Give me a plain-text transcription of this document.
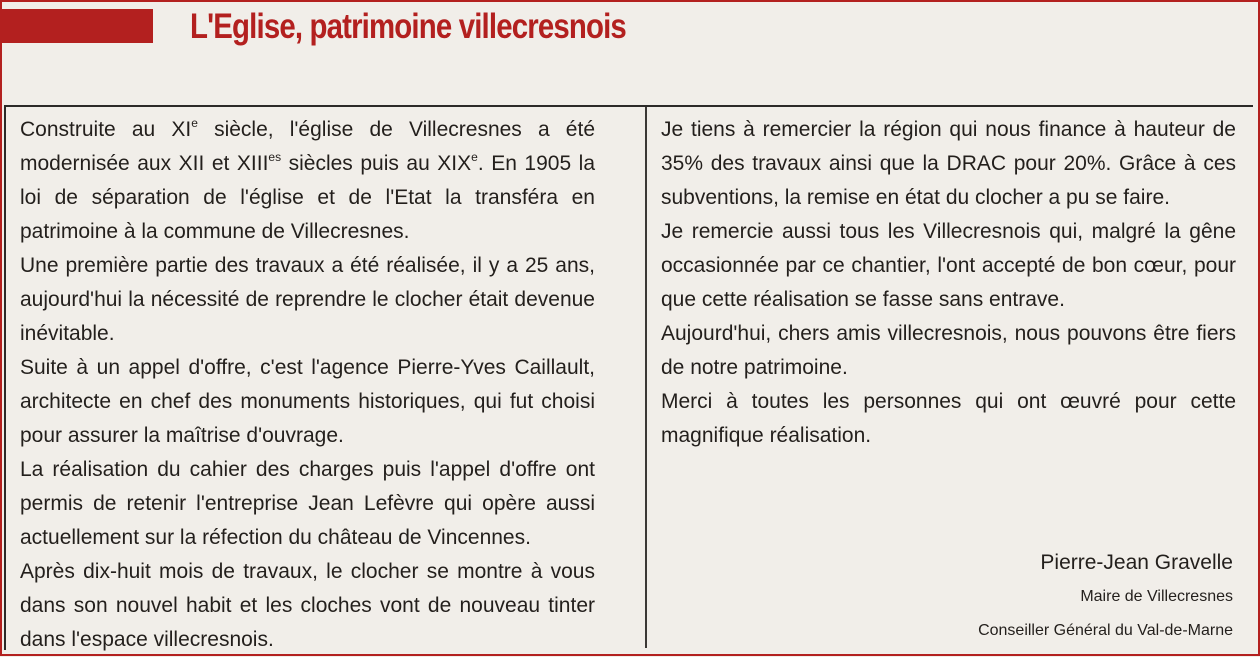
L'Eglise, patrimoine villecresnois

Construite au XIe siècle, l'église de Villecresnes a été modernisée aux XII et $XIII^{es}$ siècles puis au XIXe. En 1905 la loi de séparation de l'église et de l'Etat la transféra en patrimoine à la commune de Villecresnes.

Une première partie des travaux a été réalisée, il y a 25 ans, aujourd'hui la nécessité de reprendre le clocher était devenue inévitable.

Suite à un appel d'offre, c'est l'agence Pierre-Yves Caillault, architecte en chef des monuments historiques, qui fut choisi pour assurer la maîtrise d'ouvrage.

La réalisation du cahier des charges puis l'appel d'offre ont permis de retenir l'entreprise Jean Lefèvre qui opère aussi actuellement sur la réfection du château de Vincennes.

Après dix-huit mois de travaux, le clocher se montre à vous dans son nouvel habit et les cloches vont de nouveau tinter dans l'espace villecresnois.

Je tiens à remercier la région qui nous finance à hauteur de 35% des travaux ainsi que la DRAC pour 20%. Grâce à ces subventions, la remise en état du clocher a pu se faire.

Je remercie aussi tous les Villecresnois qui, malgré la gêne occasionnée par ce chantier, l'ont accepté de bon cœur, pour que cette réalisation se fasse sans entrave.

Aujourd'hui, chers amis villecresnois, nous pouvons être fiers de notre patrimoine.

Merci à toutes les personnes qui ont œuvré pour cette magnifique réalisation.

Pierre-Jean Gravelle
Maire de Villecresnes
Conseiller Général du Val-de-Marne
